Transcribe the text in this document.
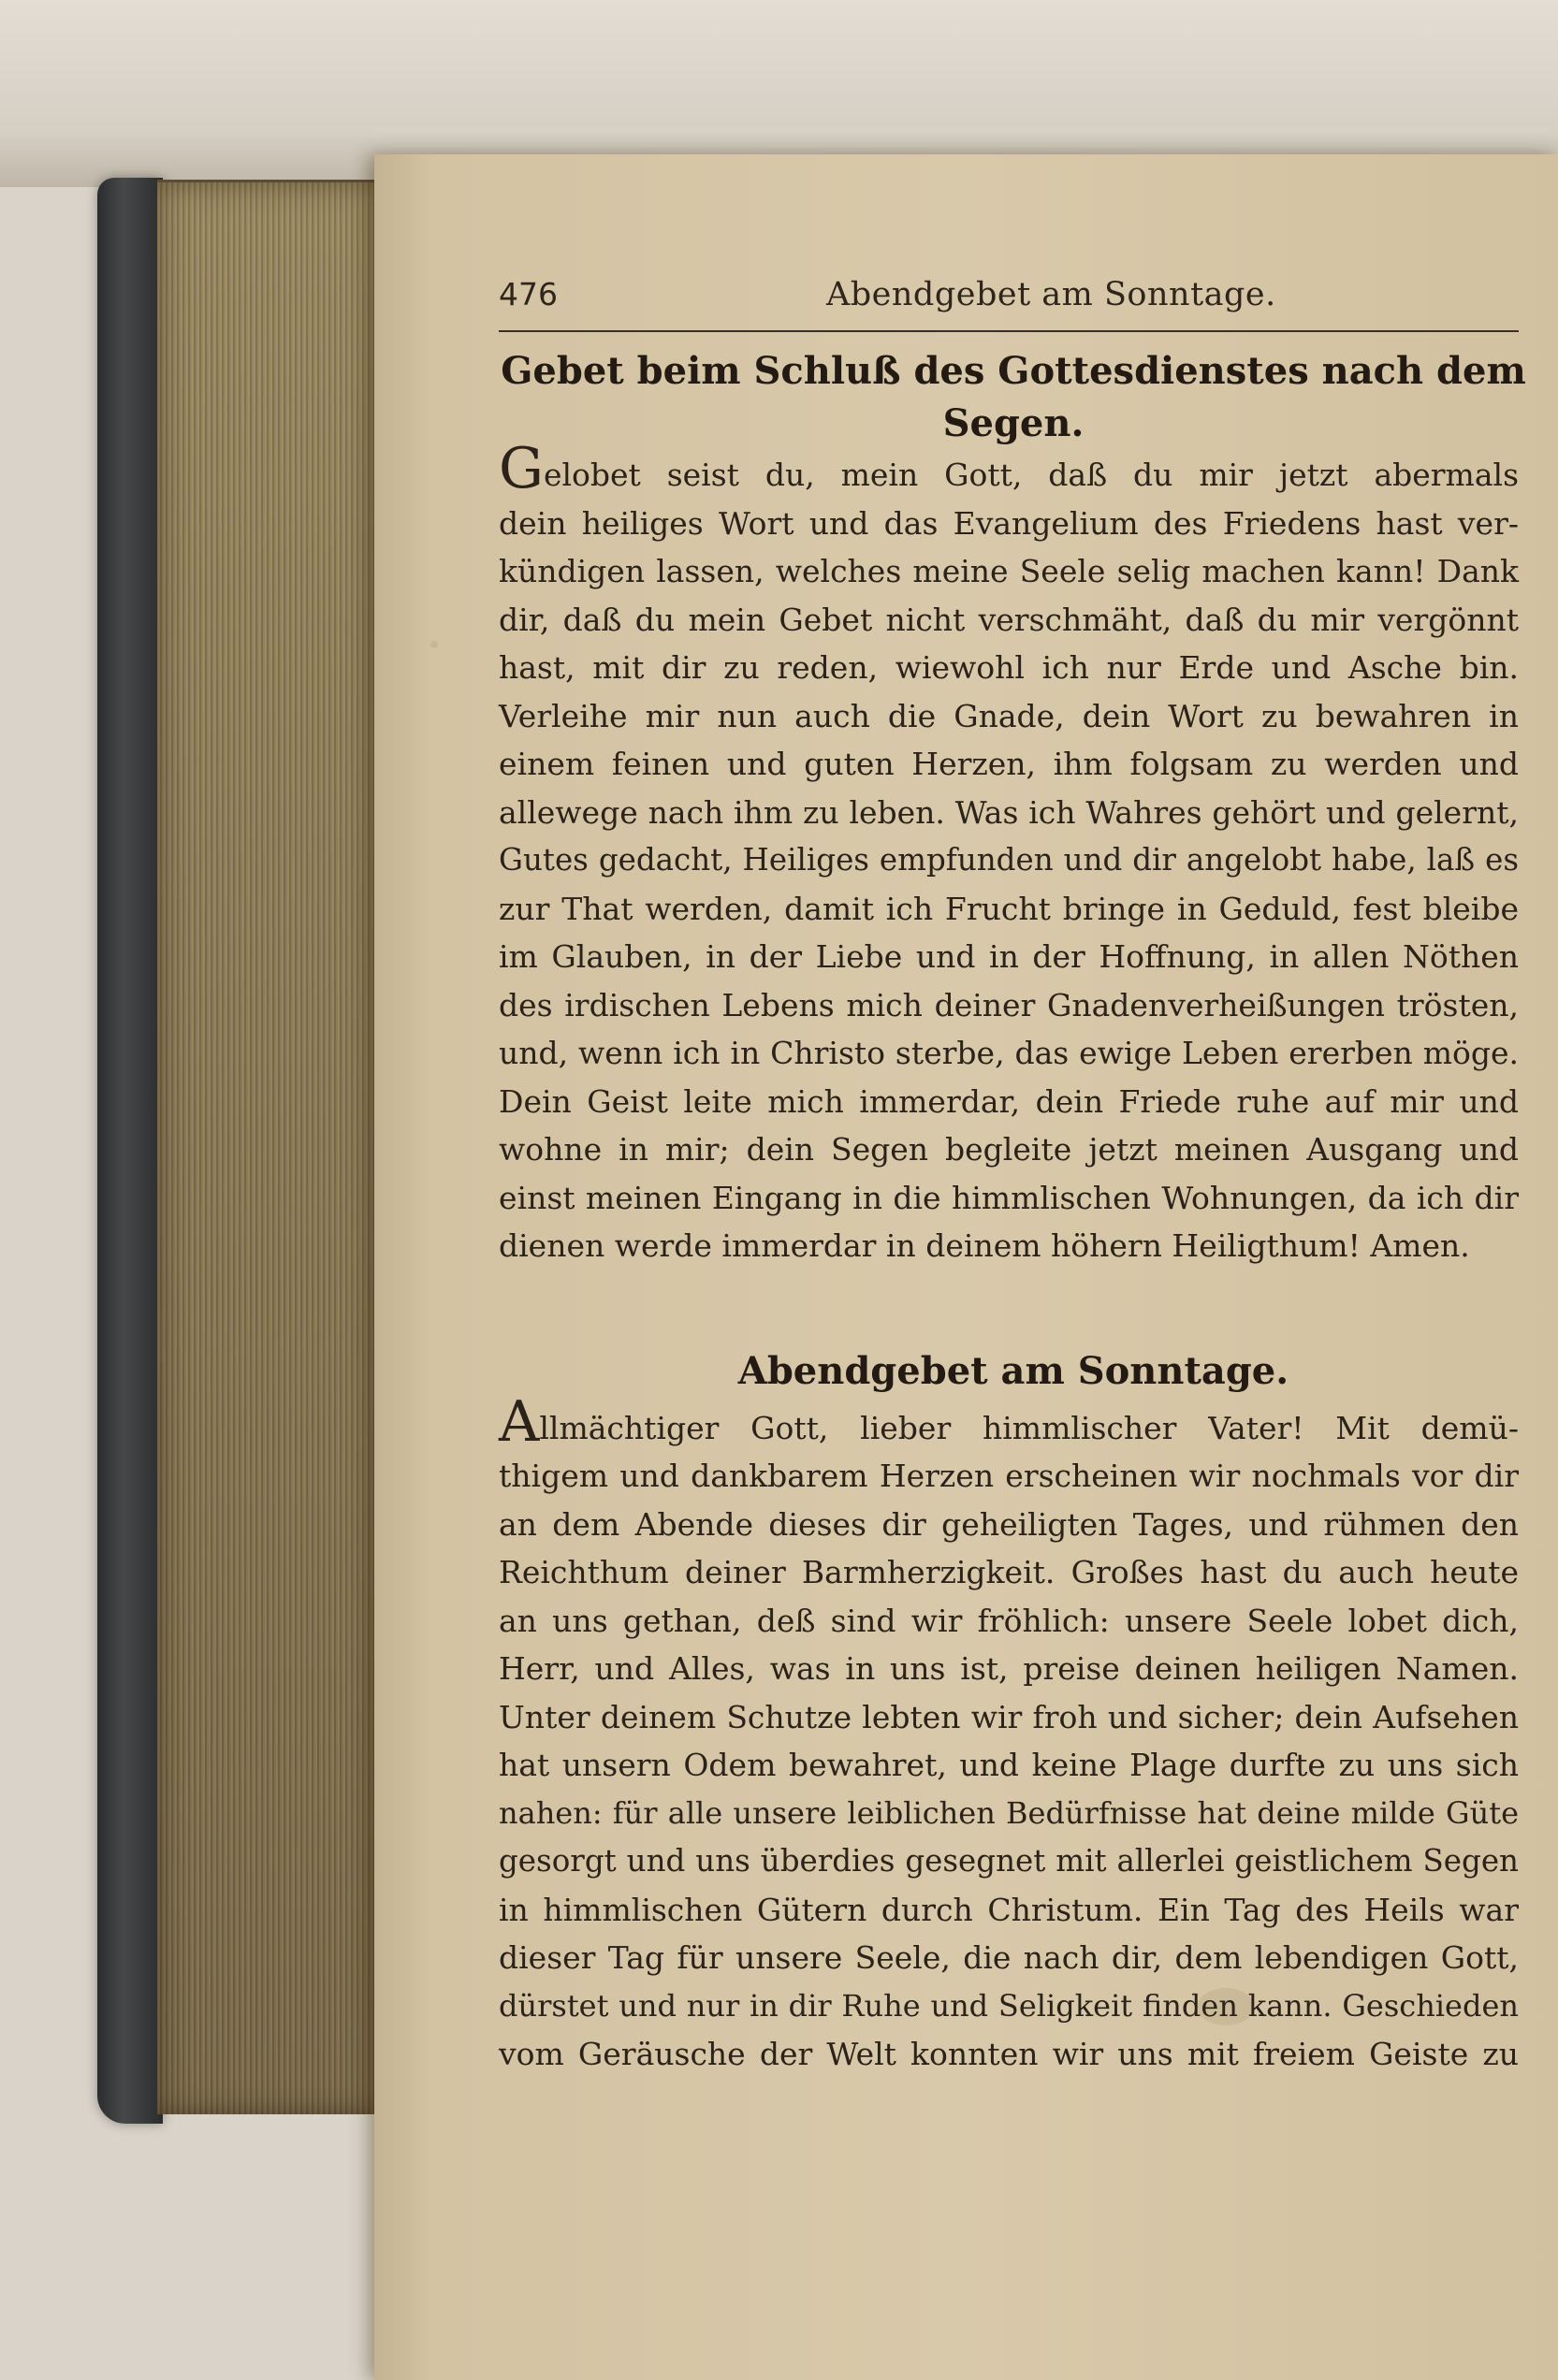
476	Abendgebet am Sonntage.
Gebet beim Schluß des Gottesdienstes nach dem
Segen.
Gelobet seist du, mein Gott, daß du mir jetzt abermals
dein heiliges Wort und das Evangelium des Friedens hast ver-
kündigen lassen, welches meine Seele selig machen kann! Dank
dir, daß du mein Gebet nicht verschmäht, daß du mir vergönnt
hast, mit dir zu reden, wiewohl ich nur Erde und Asche bin.
Verleihe mir nun auch die Gnade, dein Wort zu bewahren in
einem feinen und guten Herzen, ihm folgsam zu werden und
allewege nach ihm zu leben. Was ich Wahres gehört und gelernt,
Gutes gedacht, Heiliges empfunden und dir angelobt habe, laß es
zur That werden, damit ich Frucht bringe in Geduld, fest bleibe
im Glauben, in der Liebe und in der Hoffnung, in allen Nöthen
des irdischen Lebens mich deiner Gnadenverheißungen trösten,
und, wenn ich in Christo sterbe, das ewige Leben ererben möge.
Dein Geist leite mich immerdar, dein Friede ruhe auf mir und
wohne in mir; dein Segen begleite jetzt meinen Ausgang und
einst meinen Eingang in die himmlischen Wohnungen, da ich dir
dienen werde immerdar in deinem höhern Heiligthum! Amen.
Abendgebet am Sonntage.
Allmächtiger Gott, lieber himmlischer Vater! Mit demü-
thigem und dankbarem Herzen erscheinen wir nochmals vor dir
an dem Abende dieses dir geheiligten Tages, und rühmen den
Reichthum deiner Barmherzigkeit. Großes hast du auch heute
an uns gethan, deß sind wir fröhlich: unsere Seele lobet dich,
Herr, und Alles, was in uns ist, preise deinen heiligen Namen.
Unter deinem Schutze lebten wir froh und sicher; dein Aufsehen
hat unsern Odem bewahret, und keine Plage durfte zu uns sich
nahen: für alle unsere leiblichen Bedürfnisse hat deine milde Güte
gesorgt und uns überdies gesegnet mit allerlei geistlichem Segen
in himmlischen Gütern durch Christum. Ein Tag des Heils war
dieser Tag für unsere Seele, die nach dir, dem lebendigen Gott,
dürstet und nur in dir Ruhe und Seligkeit finden kann. Geschieden
vom Geräusche der Welt konnten wir uns mit freiem Geiste zu
